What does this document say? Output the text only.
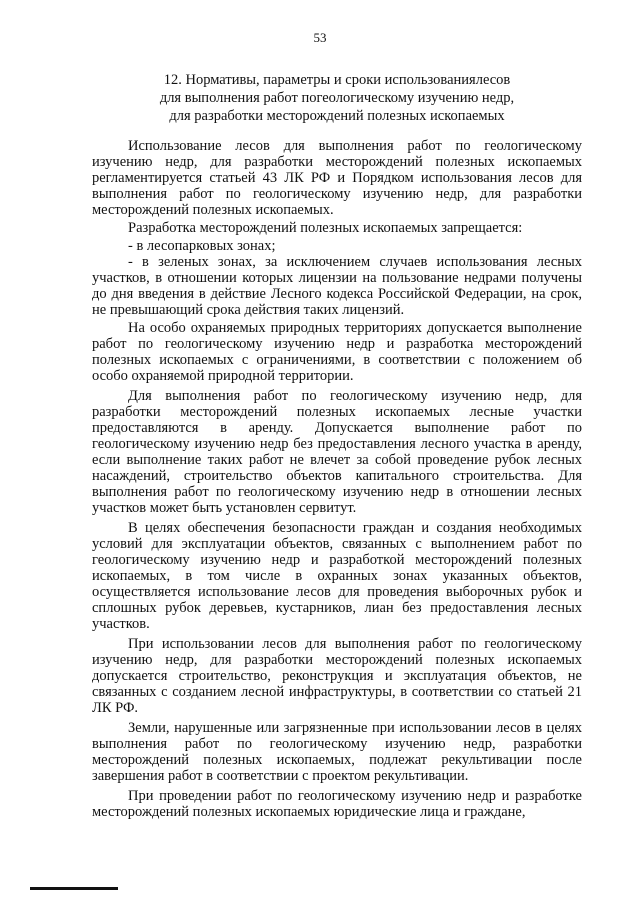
53
12. Нормативы, параметры и сроки использованиялесов
для выполнения работ погеологическому изучению недр,
для разработки месторождений полезных ископаемых

Использование лесов для выполнения работ по геологическому
изучению недр, для разработки месторождений полезных ископаемых
регламентируется статьей 43 ЛК РФ и Порядком использования лесов для
выполнения работ по геологическому изучению недр, для разработки
месторождений полезных ископаемых.

Разработка месторождений полезных ископаемых запрещается:

- в лесопарковых зонах;

- в зеленых зонах, за исключением случаев использования лесных
участков, в отношении которых лицензии на пользование недрами получены
до дня введения в действие Лесного кодекса Российской Федерации, на срок,
не превышающий срока действия таких лицензий.

На особо охраняемых природных территориях допускается выполнение
работ по геологическому изучению недр и разработка месторождений
полезных ископаемых с ограничениями, в соответствии с положением об
особо охраняемой природной территории.

Для выполнения работ по геологическому изучению недр, для
разработки месторождений полезных ископаемых лесные участки
предоставляются в аренду. Допускается выполнение работ по
геологическому изучению недр без предоставления лесного участка в аренду,
если выполнение таких работ не влечет за собой проведение рубок лесных
насаждений, строительство объектов капитального строительства. Для
выполнения работ по геологическому изучению недр в отношении лесных
участков может быть установлен сервитут.

В целях обеспечения безопасности граждан и создания необходимых
условий для эксплуатации объектов, связанных с выполнением работ по
геологическому изучению недр и разработкой месторождений полезных
ископаемых, в том числе в охранных зонах указанных объектов,
осуществляется использование лесов для проведения выборочных рубок и
сплошных рубок деревьев, кустарников, лиан без предоставления лесных
участков.

При использовании лесов для выполнения работ по геологическому
изучению недр, для разработки месторождений полезных ископаемых
допускается строительство, реконструкция и эксплуатация объектов, не
связанных с созданием лесной инфраструктуры, в соответствии со статьей 21
ЛК РФ.

Земли, нарушенные или загрязненные при использовании лесов в целях
выполнения работ по геологическому изучению недр, разработки
месторождений полезных ископаемых, подлежат рекультивации после
завершения работ в соответствии с проектом рекультивации.

При проведении работ по геологическому изучению недр и разработке
месторождений полезных ископаемых юридические лица и граждане,
